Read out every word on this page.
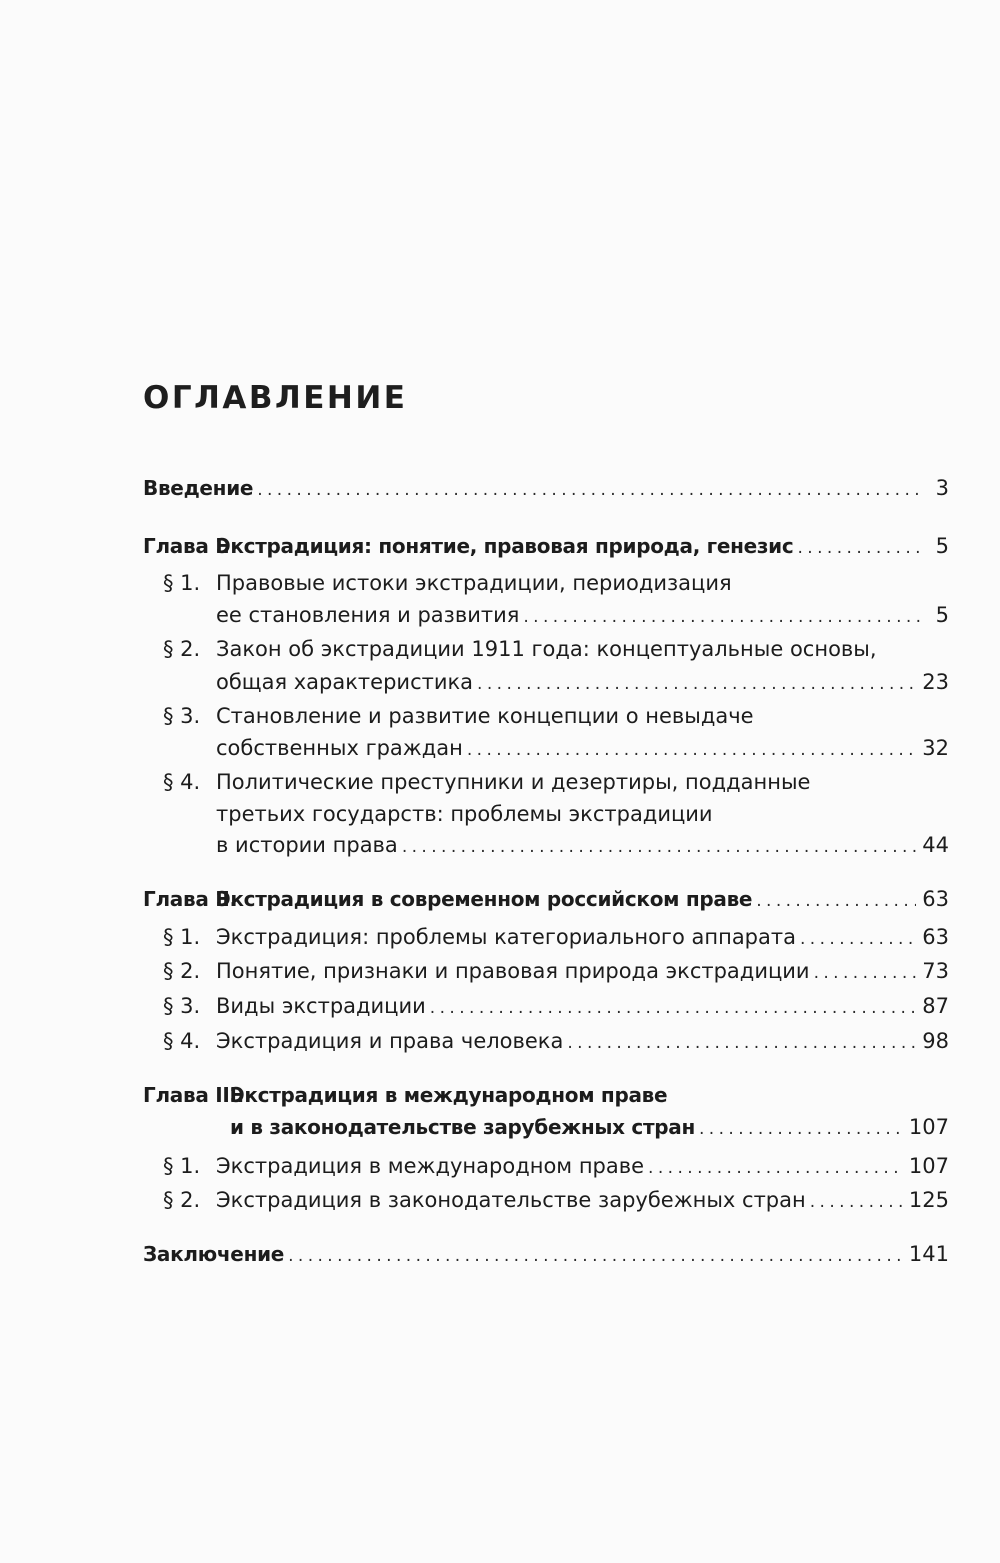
ОГЛАВЛЕНИЕ
Введение . . .	3
Глава I.
Экстрадиция: понятие, правовая природа, генезис . . .	5
§ 1. Правовые истоки экстрадиции, периодизация
ее становления и развития . . .	5
§ 2. Закон об экстрадиции 1911 года: концептуальные основы,
общая характеристика . . .	23
§ 3. Становление и развитие концепции о невыдаче
собственных граждан . . .	32
§ 4. Политические преступники и дезертиры, подданные
третьих государств: проблемы экстрадиции
в истории права . . .	44
Глава II.
Экстрадиция в современном российском праве . . .	63
§ 1. Экстрадиция: проблемы категориального аппарата . . .	63
§ 2. Понятие, признаки и правовая природа экстрадиции . . .	73
§ 3. Виды экстрадиции . . .	87
§ 4. Экстрадиция и права человека . . .	98
Глава III.
Экстрадиция в международном праве
и в законодательстве зарубежных стран . . .	107
§ 1. Экстрадиция в международном праве . . .	107
§ 2. Экстрадиция в законодательстве зарубежных стран . . .	125
Заключение . . .	141
